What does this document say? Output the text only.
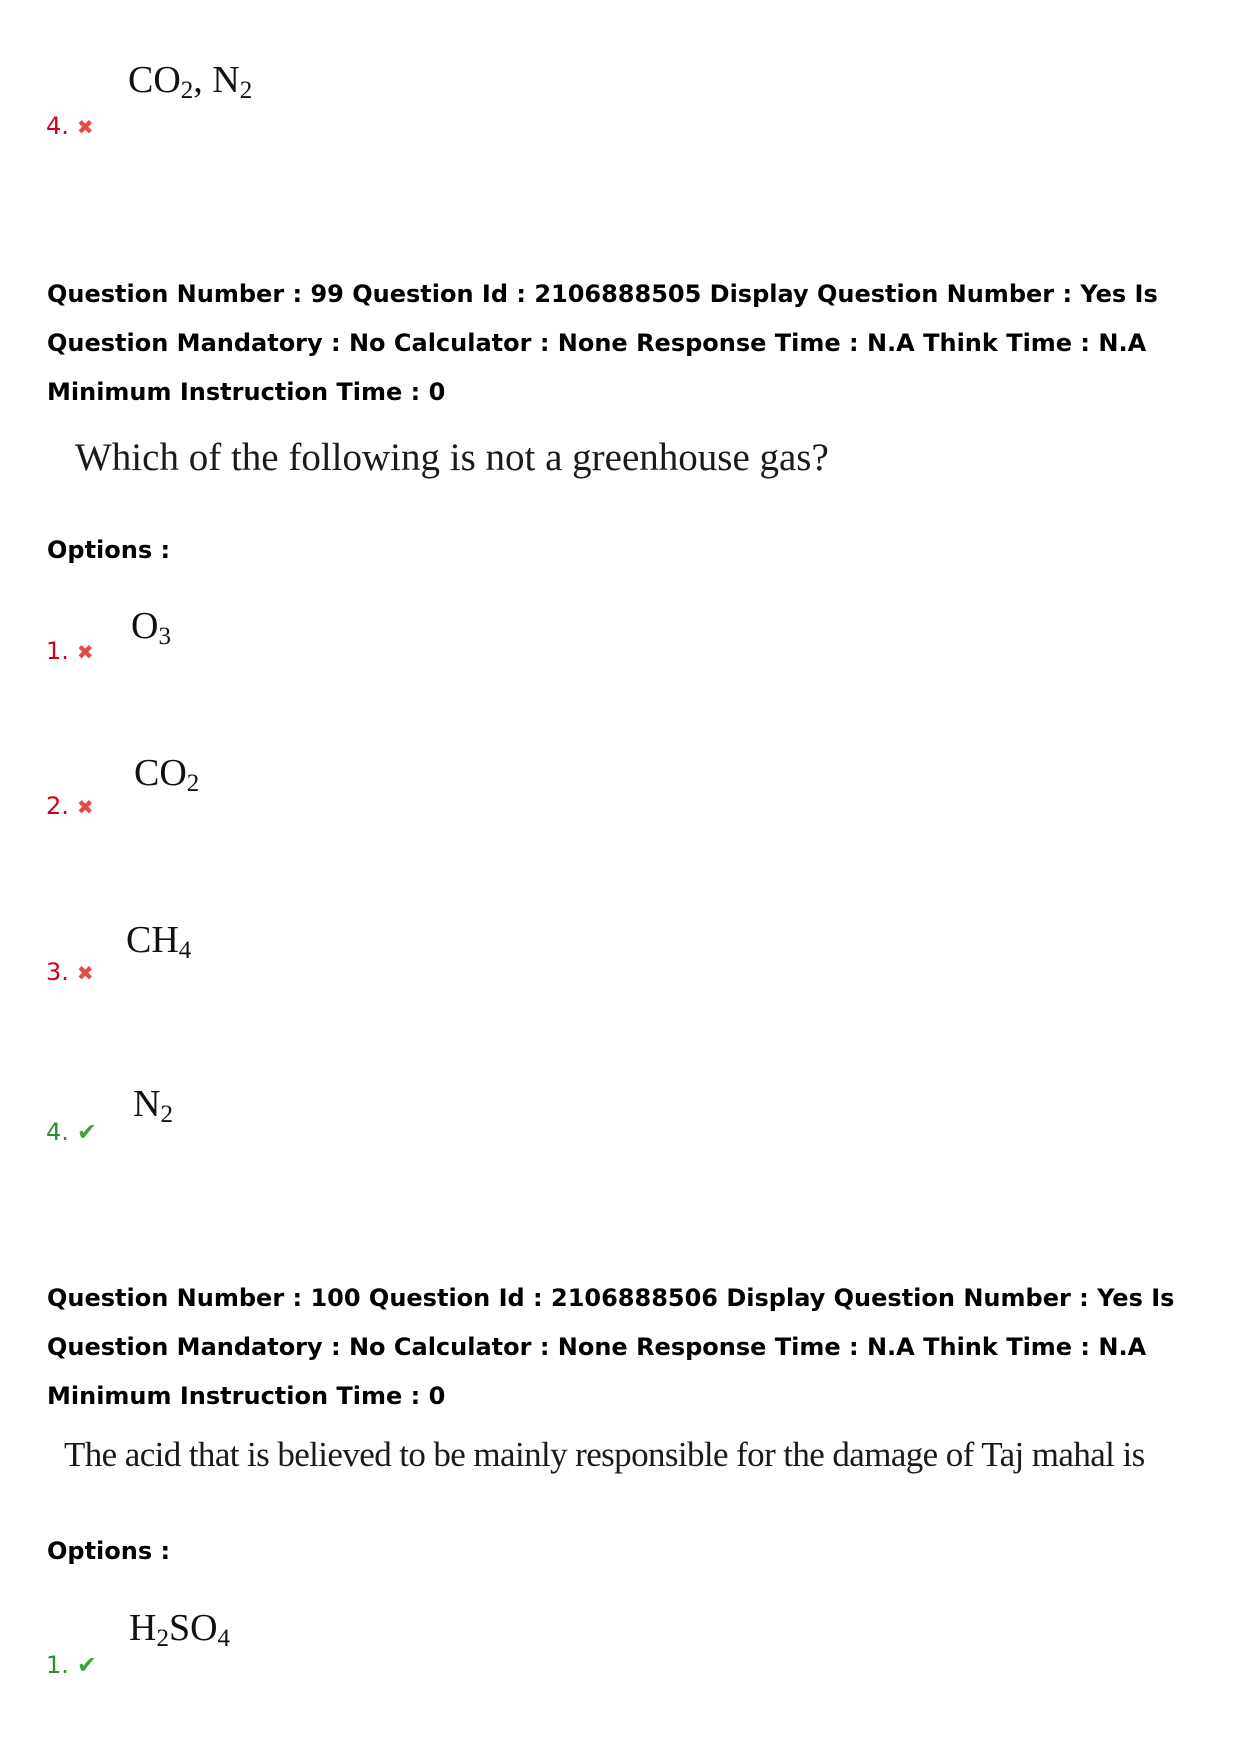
$CO_2$, $N_2$
4. ✖
Question Number : 99 Question Id : 2106888505 Display Question Number : Yes Is Question Mandatory : No Calculator : None Response Time : N.A Think Time : N.A Minimum Instruction Time : 0
Which of the following is not a greenhouse gas?
Options :
$O_3$
1. ✖
$CO_2$
2. ✖
$CH_4$
3. ✖
$N_2$
4. ✔
Question Number : 100 Question Id : 2106888506 Display Question Number : Yes Is Question Mandatory : No Calculator : None Response Time : N.A Think Time : N.A Minimum Instruction Time : 0
The acid that is believed to be mainly responsible for the damage of Taj mahal is
Options :
$H_2SO_4$
1. ✔
